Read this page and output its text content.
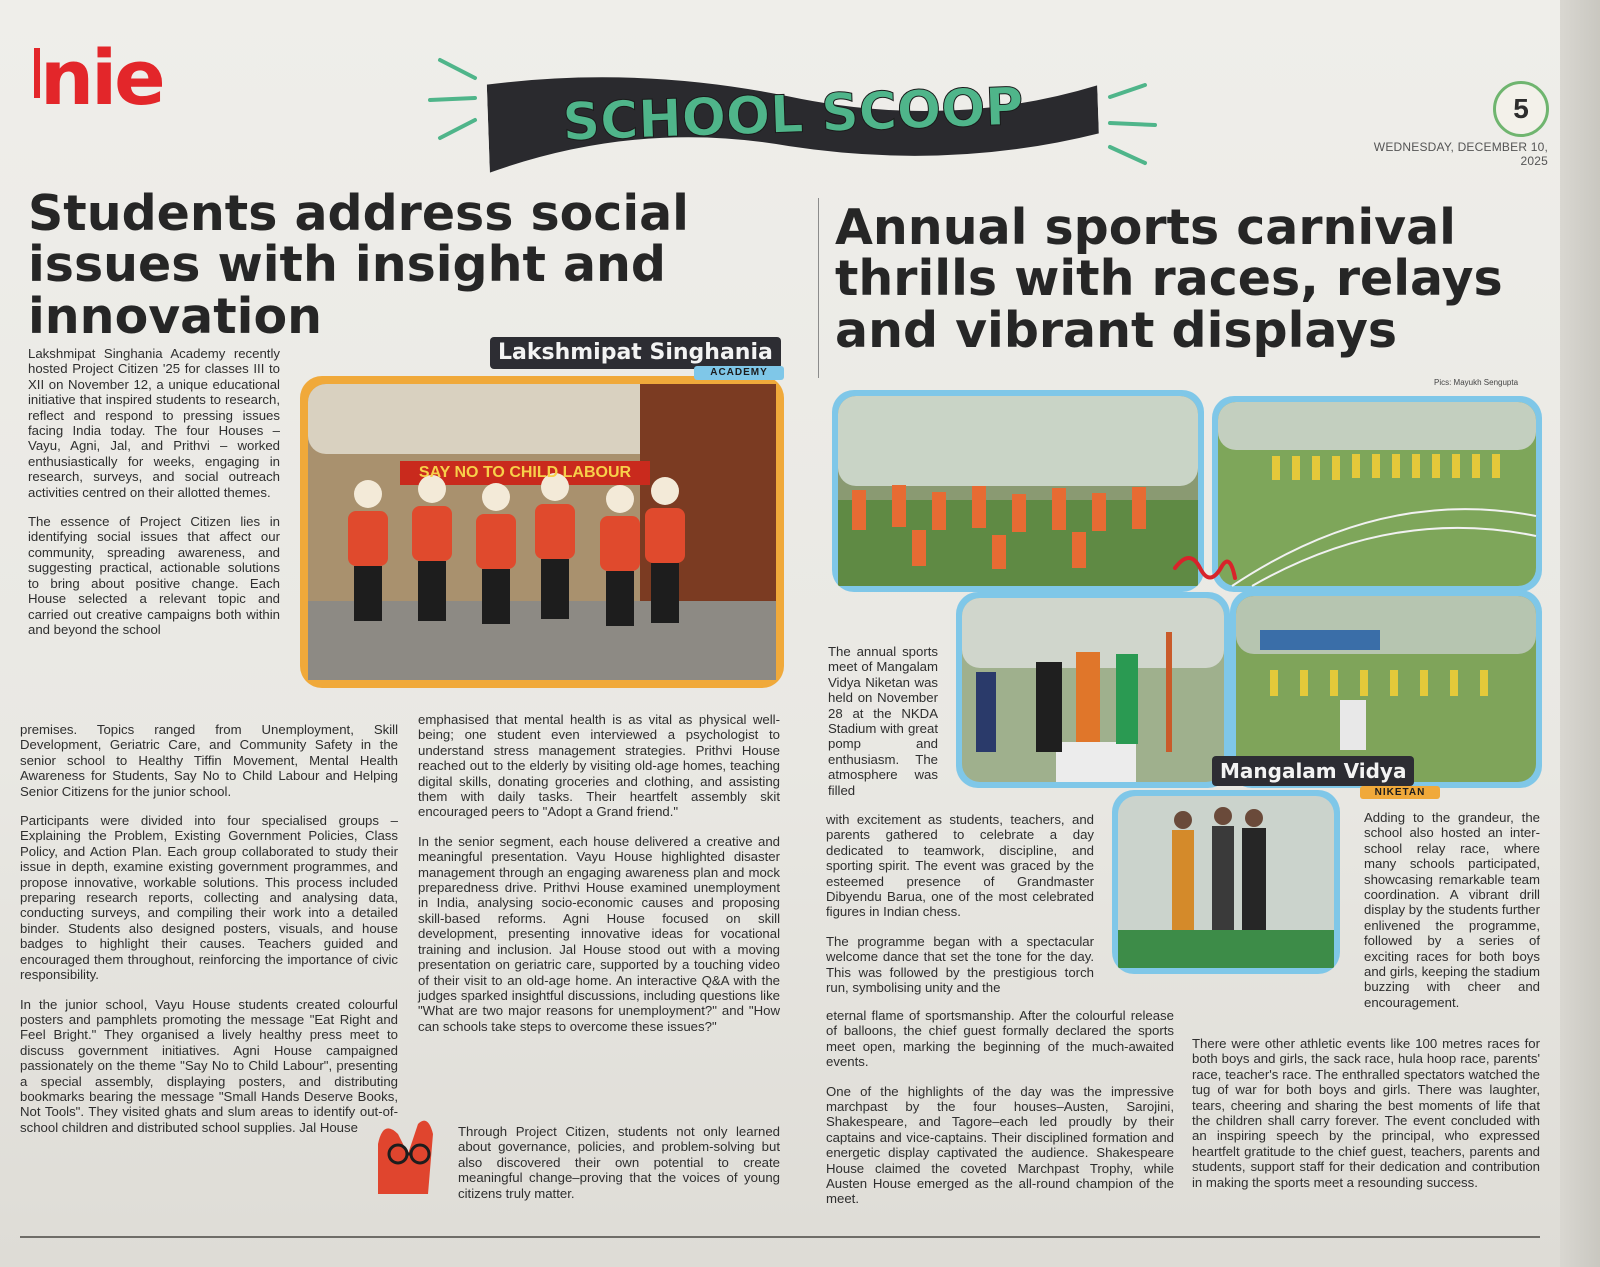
nie	SCHOOL SCOOP	5
WEDNESDAY, DECEMBER 10, 2025
Students address social issues with insight and innovation

Lakshmipat Singhania Academy recently hosted Project Citizen '25 for classes III to XII on November 12, a unique educational initiative that inspired students to research, reflect and respond to pressing issues facing India today. The four Houses – Vayu, Agni, Jal, and Prithvi – worked enthusiastically for weeks, engaging in research, surveys, and social outreach activities centred on their allotted themes.

The essence of Project Citizen lies in identifying social issues that affect our community, spreading awareness, and suggesting practical, actionable solutions to bring about positive change. Each House selected a relevant topic and carried out creative campaigns both within and beyond the school

SAY NO TO CHILD LABOUR
Lakshmipat Singhania
ACADEMY

premises. Topics ranged from Unemployment, Skill Development, Geriatric Care, and Community Safety in the senior school to Healthy Tiffin Movement, Mental Health Awareness for Students, Say No to Child Labour and Helping Senior Citizens for the junior school.

Participants were divided into four specialised groups – Explaining the Problem, Existing Government Policies, Class Policy, and Action Plan. Each group collaborated to study their issue in depth, examine existing government programmes, and propose innovative, workable solutions. This process included preparing research reports, collecting and analysing data, conducting surveys, and compiling their work into a detailed binder. Students also designed posters, visuals, and house badges to highlight their causes. Teachers guided and encouraged them throughout, reinforcing the importance of civic responsibility.

In the junior school, Vayu House students created colourful posters and pamphlets promoting the message "Eat Right and Feel Bright." They organised a lively healthy press meet to discuss government initiatives. Agni House campaigned passionately on the theme "Say No to Child Labour", presenting a special assembly, displaying posters, and distributing bookmarks bearing the message "Small Hands Deserve Books, Not Tools". They visited ghats and slum areas to identify out-of-school children and distributed school supplies. Jal House

emphasised that mental health is as vital as physical well-being; one student even interviewed a psychologist to understand stress management strategies. Prithvi House reached out to the elderly by visiting old-age homes, teaching digital skills, donating groceries and clothing, and assisting them with daily tasks. Their heartfelt assembly skit encouraged peers to "Adopt a Grand friend."

In the senior segment, each house delivered a creative and meaningful presentation. Vayu House highlighted disaster management through an engaging awareness plan and mock preparedness drive. Prithvi House examined unemployment in India, analysing socio-economic causes and proposing skill-based reforms. Agni House focused on skill development, presenting innovative ideas for vocational training and inclusion. Jal House stood out with a moving presentation on geriatric care, supported by a touching video of their visit to an old-age home. An interactive Q&A with the judges sparked insightful discussions, including questions like "What are two major reasons for unemployment?" and "How can schools take steps to overcome these issues?"

Through Project Citizen, students not only learned about governance, policies, and problem-solving but also discovered their own potential to create meaningful change–proving that the voices of young citizens truly matter.

Annual sports carnival thrills with races, relays and vibrant displays
Pics: Mayukh Sengupta
Mangalam Vidya
NIKETAN

The annual sports meet of Mangalam Vidya Niketan was held on November 28 at the NKDA Stadium with great pomp and enthusiasm. The atmosphere was filled

with excitement as students, teachers, and parents gathered to celebrate a day dedicated to teamwork, discipline, and sporting spirit. The event was graced by the esteemed presence of Grandmaster Dibyendu Barua, one of the most celebrated figures in Indian chess.

The programme began with a spectacular welcome dance that set the tone for the day. This was followed by the prestigious torch run, symbolising unity and the

eternal flame of sportsmanship. After the colourful release of balloons, the chief guest formally declared the sports meet open, marking the beginning of the much-awaited events.

One of the highlights of the day was the impressive marchpast by the four houses–Austen, Sarojini, Shakespeare, and Tagore–each led proudly by their captains and vice-captains. Their disciplined formation and energetic display captivated the audience. Shakespeare House claimed the coveted Marchpast Trophy, while Austen House emerged as the all-round champion of the meet.

Adding to the grandeur, the school also hosted an inter-school relay race, where many schools participated, showcasing remarkable team coordination. A vibrant drill display by the students further enlivened the programme, followed by a series of exciting races for both boys and girls, keeping the stadium buzzing with cheer and encouragement.

There were other athletic events like 100 metres races for both boys and girls, the sack race, hula hoop race, parents' race, teacher's race. The enthralled spectators watched the tug of war for both boys and girls. There was laughter, tears, cheering and sharing the best moments of life that the children shall carry forever. The event concluded with an inspiring speech by the principal, who expressed heartfelt gratitude to the chief guest, teachers, parents and students, support staff for their dedication and contribution in making the sports meet a resounding success.
